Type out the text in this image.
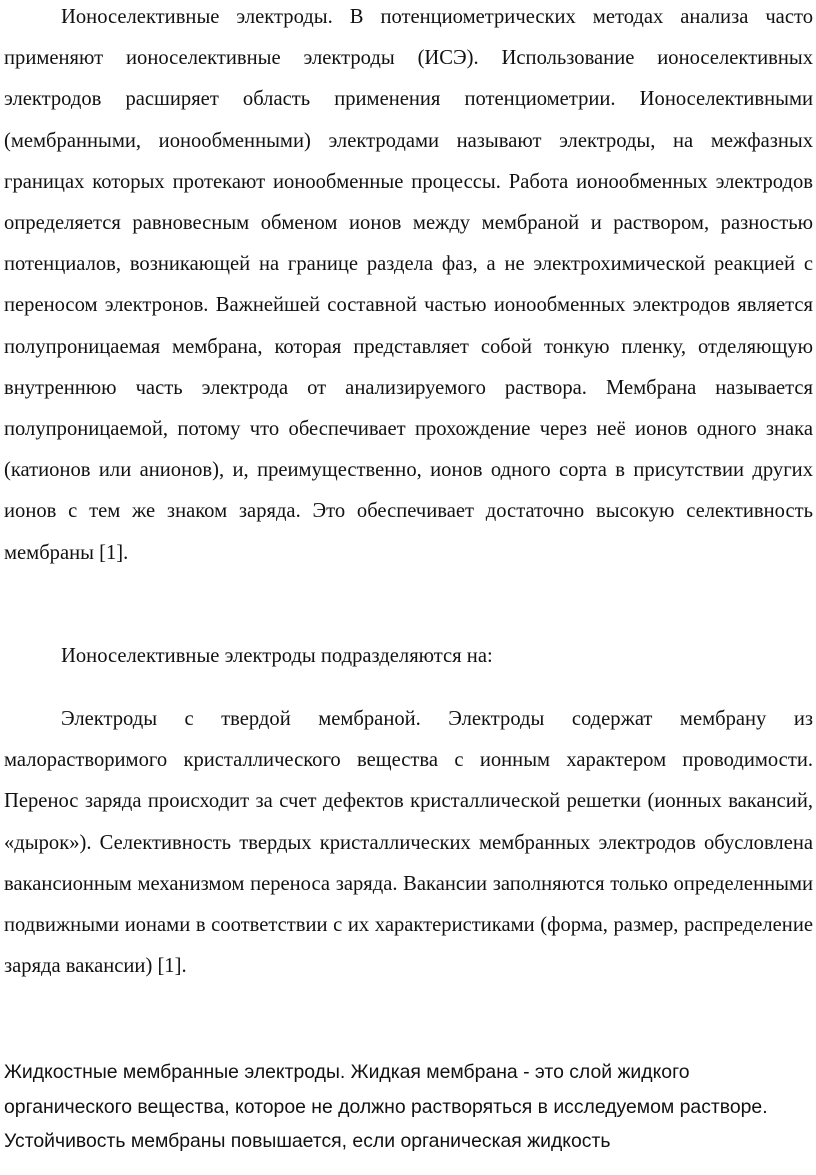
Ионоселективные электроды. В потенциометрических методах анализа часто применяют ионоселективные электроды (ИСЭ). Использование ионоселективных электродов расширяет область применения потенциометрии. Ионоселективными (мембранными, ионообменными) электродами называют электроды, на межфазных границах которых протекают ионообменные процессы. Работа ионообменных электродов определяется равновесным обменом ионов между мембраной и раствором, разностью потенциалов, возникающей на границе раздела фаз, а не электрохимической реакцией с переносом электронов. Важнейшей составной частью ионообменных электродов является полупроницаемая мембрана, которая представляет собой тонкую пленку, отделяющую внутреннюю часть электрода от анализируемого раствора. Мембрана называется полупроницаемой, потому что обеспечивает прохождение через неё ионов одного знака (катионов или анионов), и, преимущественно, ионов одного сорта в присутствии других ионов с тем же знаком заряда. Это обеспечивает достаточно высокую селективность мембраны [1].

Ионоселективные электроды подразделяются на:

Электроды с твердой мембраной. Электроды содержат мембрану из малорастворимого кристаллического вещества с ионным характером проводимости. Перенос заряда происходит за счет дефектов кристаллической решетки (ионных вакансий, «дырок»). Селективность твердых кристаллических мембранных электродов обусловлена вакансионным механизмом переноса заряда. Вакансии заполняются только определенными подвижными ионами в соответствии с их характеристиками (форма, размер, распределение заряда вакансии) [1].

Жидкостные мембранные электроды. Жидкая мембрана - это слой жидкого органического вещества, которое не должно растворяться в исследуемом растворе. Устойчивость мембраны повышается, если органическая жидкость
